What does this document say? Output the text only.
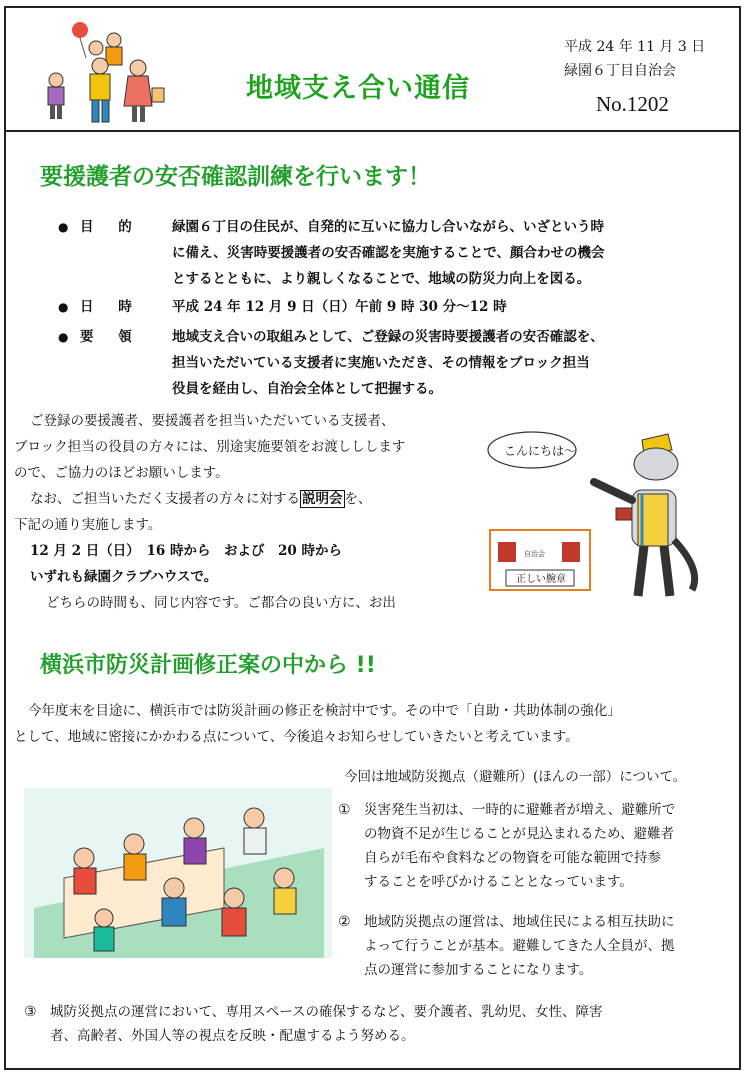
地域支え合い通信
平成 24 年 11 月 3 日
緑園６丁目自治会
No.1202
要援護者の安否確認訓練を行います！
● 目 的	緑園６丁目の住民が、自発的に互いに協力し合いながら、いざという時
に備え、災害時要援護者の安否確認を実施することで、顔合わせの機会
とするとともに、より親しくなることで、地域の防災力向上を図る。
● 日 時	平成 24 年 12 月 9 日（日）午前 9 時 30 分～12 時
● 要 領	地域支え合いの取組みとして、ご登録の災害時要援護者の安否確認を、
担当いただいている支援者に実施いただき、その情報をブロック担当
役員を経由し、自治会全体として把握する。
ご登録の要援護者、要援護者を担当いただいている支援者、
ブロック担当の役員の方々には、別途実施要領をお渡ししします
ので、ご協力のほどお願いします。
なお、ご担当いただく支援者の方々に対する 説明会 を、
下記の通り実施します。
12 月 2 日（日）　16 時から　および　20 時から
いずれも緑園クラブハウスで。
どちらの時間も、同じ内容です。ご都合の良い方に、お出
こんにちは～
自治会
正しい腕章
横浜市防災計画修正案の中から !!
今年度末を目途に、横浜市では防災計画の修正を検討中です。その中で「自助・共助体制の強化」
として、地域に密接にかかわる点について、今後追々お知らせしていきたいと考えています。
今回は地域防災拠点（避難所）(ほんの一部）について。
① 災害発生当初は、一時的に避難者が増え、避難所で
の物資不足が生じることが見込まれるため、避難者
自らが毛布や食料などの物資を可能な範囲で持参
することを呼びかけることとなっています。
② 地域防災拠点の運営は、地域住民による相互扶助に
よって行うことが基本。避難してきた人全員が、拠
点の運営に参加することになります。
③ 城防災拠点の運営において、専用スペースの確保するなど、要介護者、乳幼児、女性、障害
者、高齢者、外国人等の視点を反映・配慮するよう努める。
